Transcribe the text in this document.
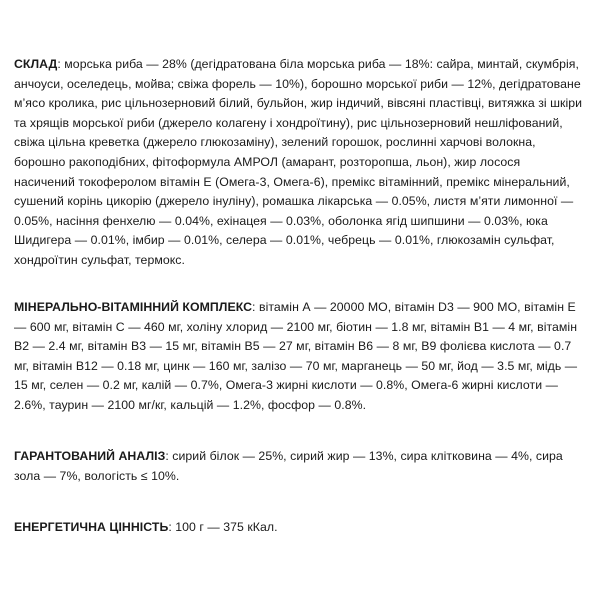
СКЛАД: морська риба — 28% (дегідратована біла морська риба — 18%: сайра, минтай, скумбрія, анчоуси, оселедець, мойва; свіжа форель — 10%), борошно морської риби — 12%, дегідратоване м’ясо кролика, рис цільнозерновий білий, бульйон, жир індичий, вівсяні пластівці, витяжка зі шкіри та хрящів морської риби (джерело колагену і хондроїтину), рис цільнозерновий нешліфований, свіжа цільна креветка (джерело глюкозаміну), зелений горошок, рослинні харчові волокна, борошно ракоподібних, фітоформула АМРОЛ (амарант, розторопша, льон), жир лосося насичений токоферолом вітамін Е (Омега-3, Омега-6), премікс вітамінний, премікс мінеральний, сушений корінь цикорію (джерело інуліну), ромашка лікарська — 0.05%, листя м’яти лимонної — 0.05%, насіння фенхелю — 0.04%, ехінацея — 0.03%, оболонка ягід шипшини — 0.03%, юка Шидигера — 0.01%, імбир — 0.01%, селера — 0.01%, чебрець — 0.01%, глюкозамін сульфат, хондроїтин сульфат, термокс.

МІНЕРАЛЬНО-ВІТАМІННИЙ КОМПЛЕКС: вітамін А — 20000 МО, вітамін D3 — 900 МО, вітамін Е — 600 мг, вітамін С — 460 мг, холіну хлорид — 2100 мг, біотин — 1.8 мг, вітамін В1 — 4 мг, вітамін В2 — 2.4 мг, вітамін В3 — 15 мг, вітамін В5 — 27 мг, вітамін В6 — 8 мг, В9 фолієва кислота — 0.7 мг, вітамін В12 — 0.18 мг, цинк — 160 мг, залізо — 70 мг, марганець — 50 мг, йод — 3.5 мг, мідь — 15 мг, селен — 0.2 мг, калій — 0.7%, Омега-3 жирні кислоти — 0.8%, Омега-6 жирні кислоти — 2.6%, таурин — 2100 мг/кг, кальцій — 1.2%, фосфор — 0.8%.

ГАРАНТОВАНИЙ АНАЛІЗ: сирий білок — 25%, сирий жир — 13%, сира клітковина — 4%, сира зола — 7%, вологість ≤ 10%.

ЕНЕРГЕТИЧНА ЦІННІСТЬ: 100 г — 375 кКал.
